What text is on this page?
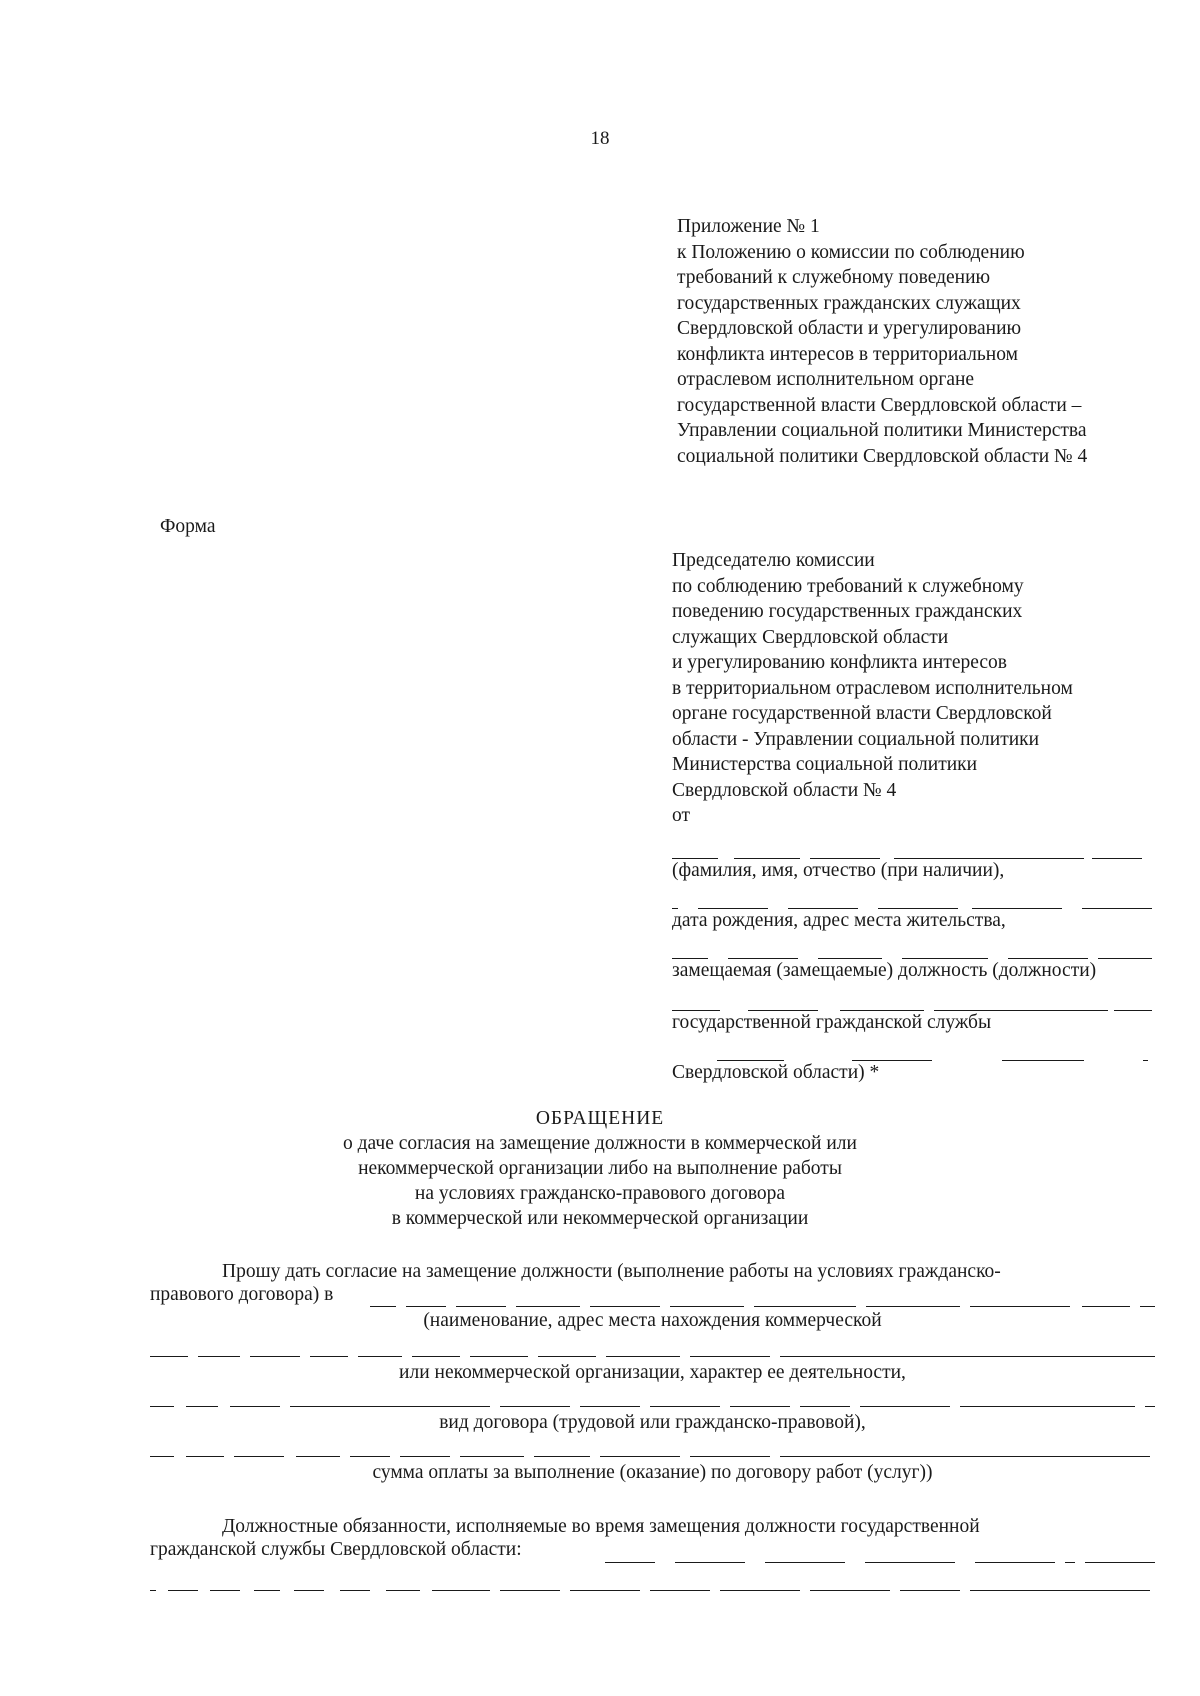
18
Приложение № 1
к Положению о комиссии по соблюдению
требований к служебному поведению
государственных гражданских служащих
Свердловской области и урегулированию
конфликта интересов в территориальном
отраслевом исполнительном органе
государственной власти Свердловской области –
Управлении социальной политики Министерства
социальной политики Свердловской области № 4
Форма
Председателю комиссии
по соблюдению требований к служебному
поведению государственных гражданских
служащих Свердловской области
и урегулированию конфликта интересов
в территориальном отраслевом исполнительном
органе государственной власти Свердловской
области - Управлении социальной политики
Министерства социальной политики
Свердловской области № 4
от
(фамилия, имя, отчество (при наличии),
дата рождения, адрес места жительства,
замещаемая (замещаемые) должность (должности)
государственной гражданской службы
Свердловской области) *
ОБРАЩЕНИЕ
о даче согласия на замещение должности в коммерческой или
некоммерческой организации либо на выполнение работы
на условиях гражданско-правового договора
в коммерческой или некоммерческой организации
Прошу дать согласие на замещение должности (выполнение работы на условиях гражданско-
правового договора) в
(наименование, адрес места нахождения коммерческой
или некоммерческой организации, характер ее деятельности,
вид договора (трудовой или гражданско-правовой),
сумма оплаты за выполнение (оказание) по договору работ (услуг))
Должностные обязанности, исполняемые во время замещения должности государственной
гражданской службы Свердловской области:
